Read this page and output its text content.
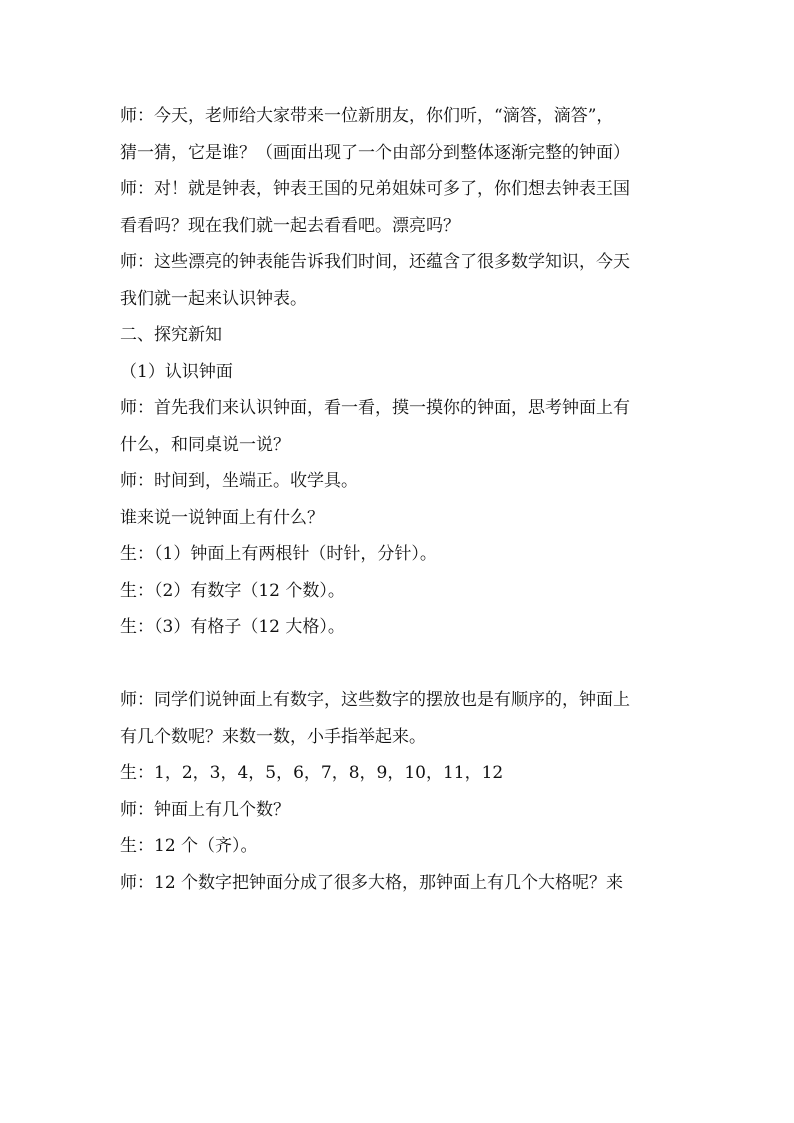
师：今天，老师给大家带来一位新朋友，你们听，“滴答，滴答”，
猜一猜，它是谁？（画面出现了一个由部分到整体逐渐完整的钟面）
师：对！就是钟表，钟表王国的兄弟姐妹可多了，你们想去钟表王国
看看吗？现在我们就一起去看看吧。漂亮吗？
师：这些漂亮的钟表能告诉我们时间，还蕴含了很多数学知识，今天
我们就一起来认识钟表。
二、探究新知
（1）认识钟面
师：首先我们来认识钟面，看一看，摸一摸你的钟面，思考钟面上有
什么，和同桌说一说？
师：时间到，坐端正。收学具。
谁来说一说钟面上有什么？
生：（1）钟面上有两根针（时针，分针）。
生：（2）有数字（12 个数）。
生：（3）有格子（12 大格）。
师：同学们说钟面上有数字，这些数字的摆放也是有顺序的，钟面上
有几个数呢？来数一数，小手指举起来。
生：1，2，3，4，5，6，7，8，9，10，11，12
师：钟面上有几个数？
生：12 个（齐）。
师：12 个数字把钟面分成了很多大格，那钟面上有几个大格呢？来
